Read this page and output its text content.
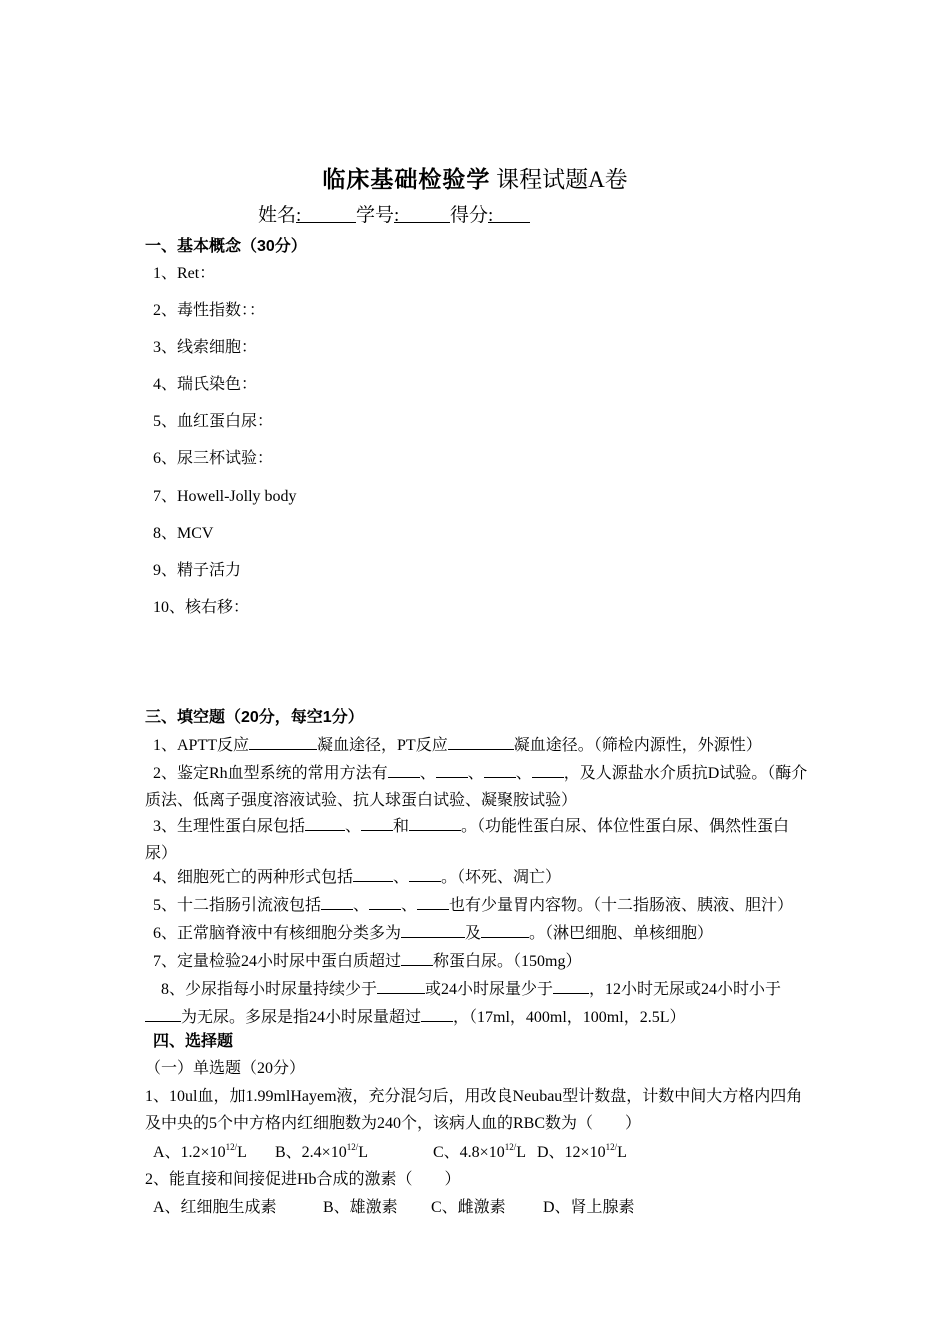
临床基础检验学 课程试题A卷
姓名:	学号:	得分:
一、基本概念（30分）
1、Ret：
2、毒性指数：：
3、线索细胞：
4、瑞氏染色：
5、血红蛋白尿：
6、尿三杯试验：
7、Howell-Jolly body
8、MCV
9、精子活力
10、核右移：
三、填空题（20分，每空1分）
1、APTT反应	凝血途径，PT反应	凝血途径。（筛检内源性，外源性）
2、鉴定Rh血型系统的常用方法有 、 、 、 ，及人源盐水介质抗D试验。（酶介质法、低离子强度溶液试验、抗人球蛋白试验、凝聚胺试验）
3、生理性蛋白尿包括	、 和	。（功能性蛋白尿、体位性蛋白尿、偶然性蛋白尿）
4、细胞死亡的两种形式包括	、 。（坏死、凋亡）
5、十二指肠引流液包括 、 、 也有少量胃内容物。（十二指肠液、胰液、胆汁）
6、正常脑脊液中有核细胞分类多为	及	。（淋巴细胞、单核细胞）
7、定量检验24小时尿中蛋白质超过 称蛋白尿。（150mg）
8、少尿指每小时尿量持续少于	或24小时尿量少于 ，12小时无尿或24小时小于为无尿。多尿是指24小时尿量超过 ，（17ml，400ml，100ml，2.5L）
四、选择题
（一）单选题（20分）
1、10ul血，加1.99mlHayem液，充分混匀后，用改良Neubau型计数盘，计数中间大方格内四角及中央的5个中方格内红细胞数为240个，该病人血的RBC数为（　　）
A、$1.2\times 10^{12/}L$ B、$2.4\times 10^{12/}L$	C、$4.8\times 10^{12/}L$ D、$12\times 10^{12/}L$
2、能直接和间接促进Hb合成的激素（　　）
A、红细胞生成素	B、雄激素 C、雌激素 D、肾上腺素
